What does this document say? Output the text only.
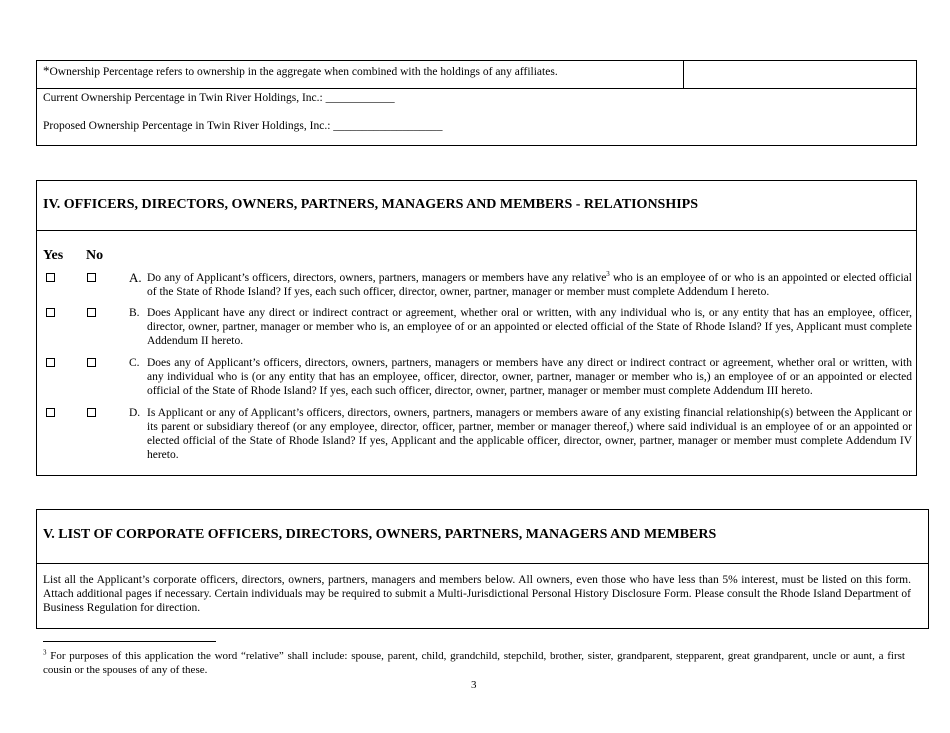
*Ownership Percentage refers to ownership in the aggregate when combined with the holdings of any affiliates.
Current Ownership Percentage in Twin River Holdings, Inc.: ____________
Proposed Ownership Percentage in Twin River Holdings, Inc.: ___________________
IV. OFFICERS, DIRECTORS, OWNERS, PARTNERS, MANAGERS AND MEMBERS - RELATIONSHIPS
Yes No
A. Do any of Applicant’s officers, directors, owners, partners, managers or members have any relative$^3$ who is an employee of or who is an appointed or elected official of the State of Rhode Island? If yes, each such officer, director, owner, partner, manager or member must complete Addendum I hereto.
B. Does Applicant have any direct or indirect contract or agreement, whether oral or written, with any individual who is, or any entity that has an employee, officer, director, owner, partner, manager or member who is, an employee of or an appointed or elected official of the State of Rhode Island? If yes, Applicant must complete Addendum II hereto.
C. Does any of Applicant’s officers, directors, owners, partners, managers or members have any direct or indirect contract or agreement, whether oral or written, with any individual who is (or any entity that has an employee, officer, director, owner, partner, manager or member who is,) an employee of or an appointed or elected official of the State of Rhode Island? If yes, each such officer, director, owner, partner, manager or member must complete Addendum III hereto.
D. Is Applicant or any of Applicant’s officers, directors, owners, partners, managers or members aware of any existing financial relationship(s) between the Applicant or its parent or subsidiary thereof (or any employee, director, officer, partner, member or manager thereof,) where said individual is an employee of or an appointed or elected official of the State of Rhode Island? If yes, Applicant and the applicable officer, director, owner, partner, manager or member must complete Addendum IV hereto.
V. LIST OF CORPORATE OFFICERS, DIRECTORS, OWNERS, PARTNERS, MANAGERS AND MEMBERS
List all the Applicant’s corporate officers, directors, owners, partners, managers and members below. All owners, even those who have less than 5% interest, must be listed on this form. Attach additional pages if necessary. Certain individuals may be required to submit a Multi-Jurisdictional Personal History Disclosure Form. Please consult the Rhode Island Department of Business Regulation for direction.
$^3$ For purposes of this application the word “relative” shall include: spouse, parent, child, grandchild, stepchild, brother, sister, grandparent, stepparent, great grandparent, uncle or aunt, a first cousin or the spouses of any of these.
3
